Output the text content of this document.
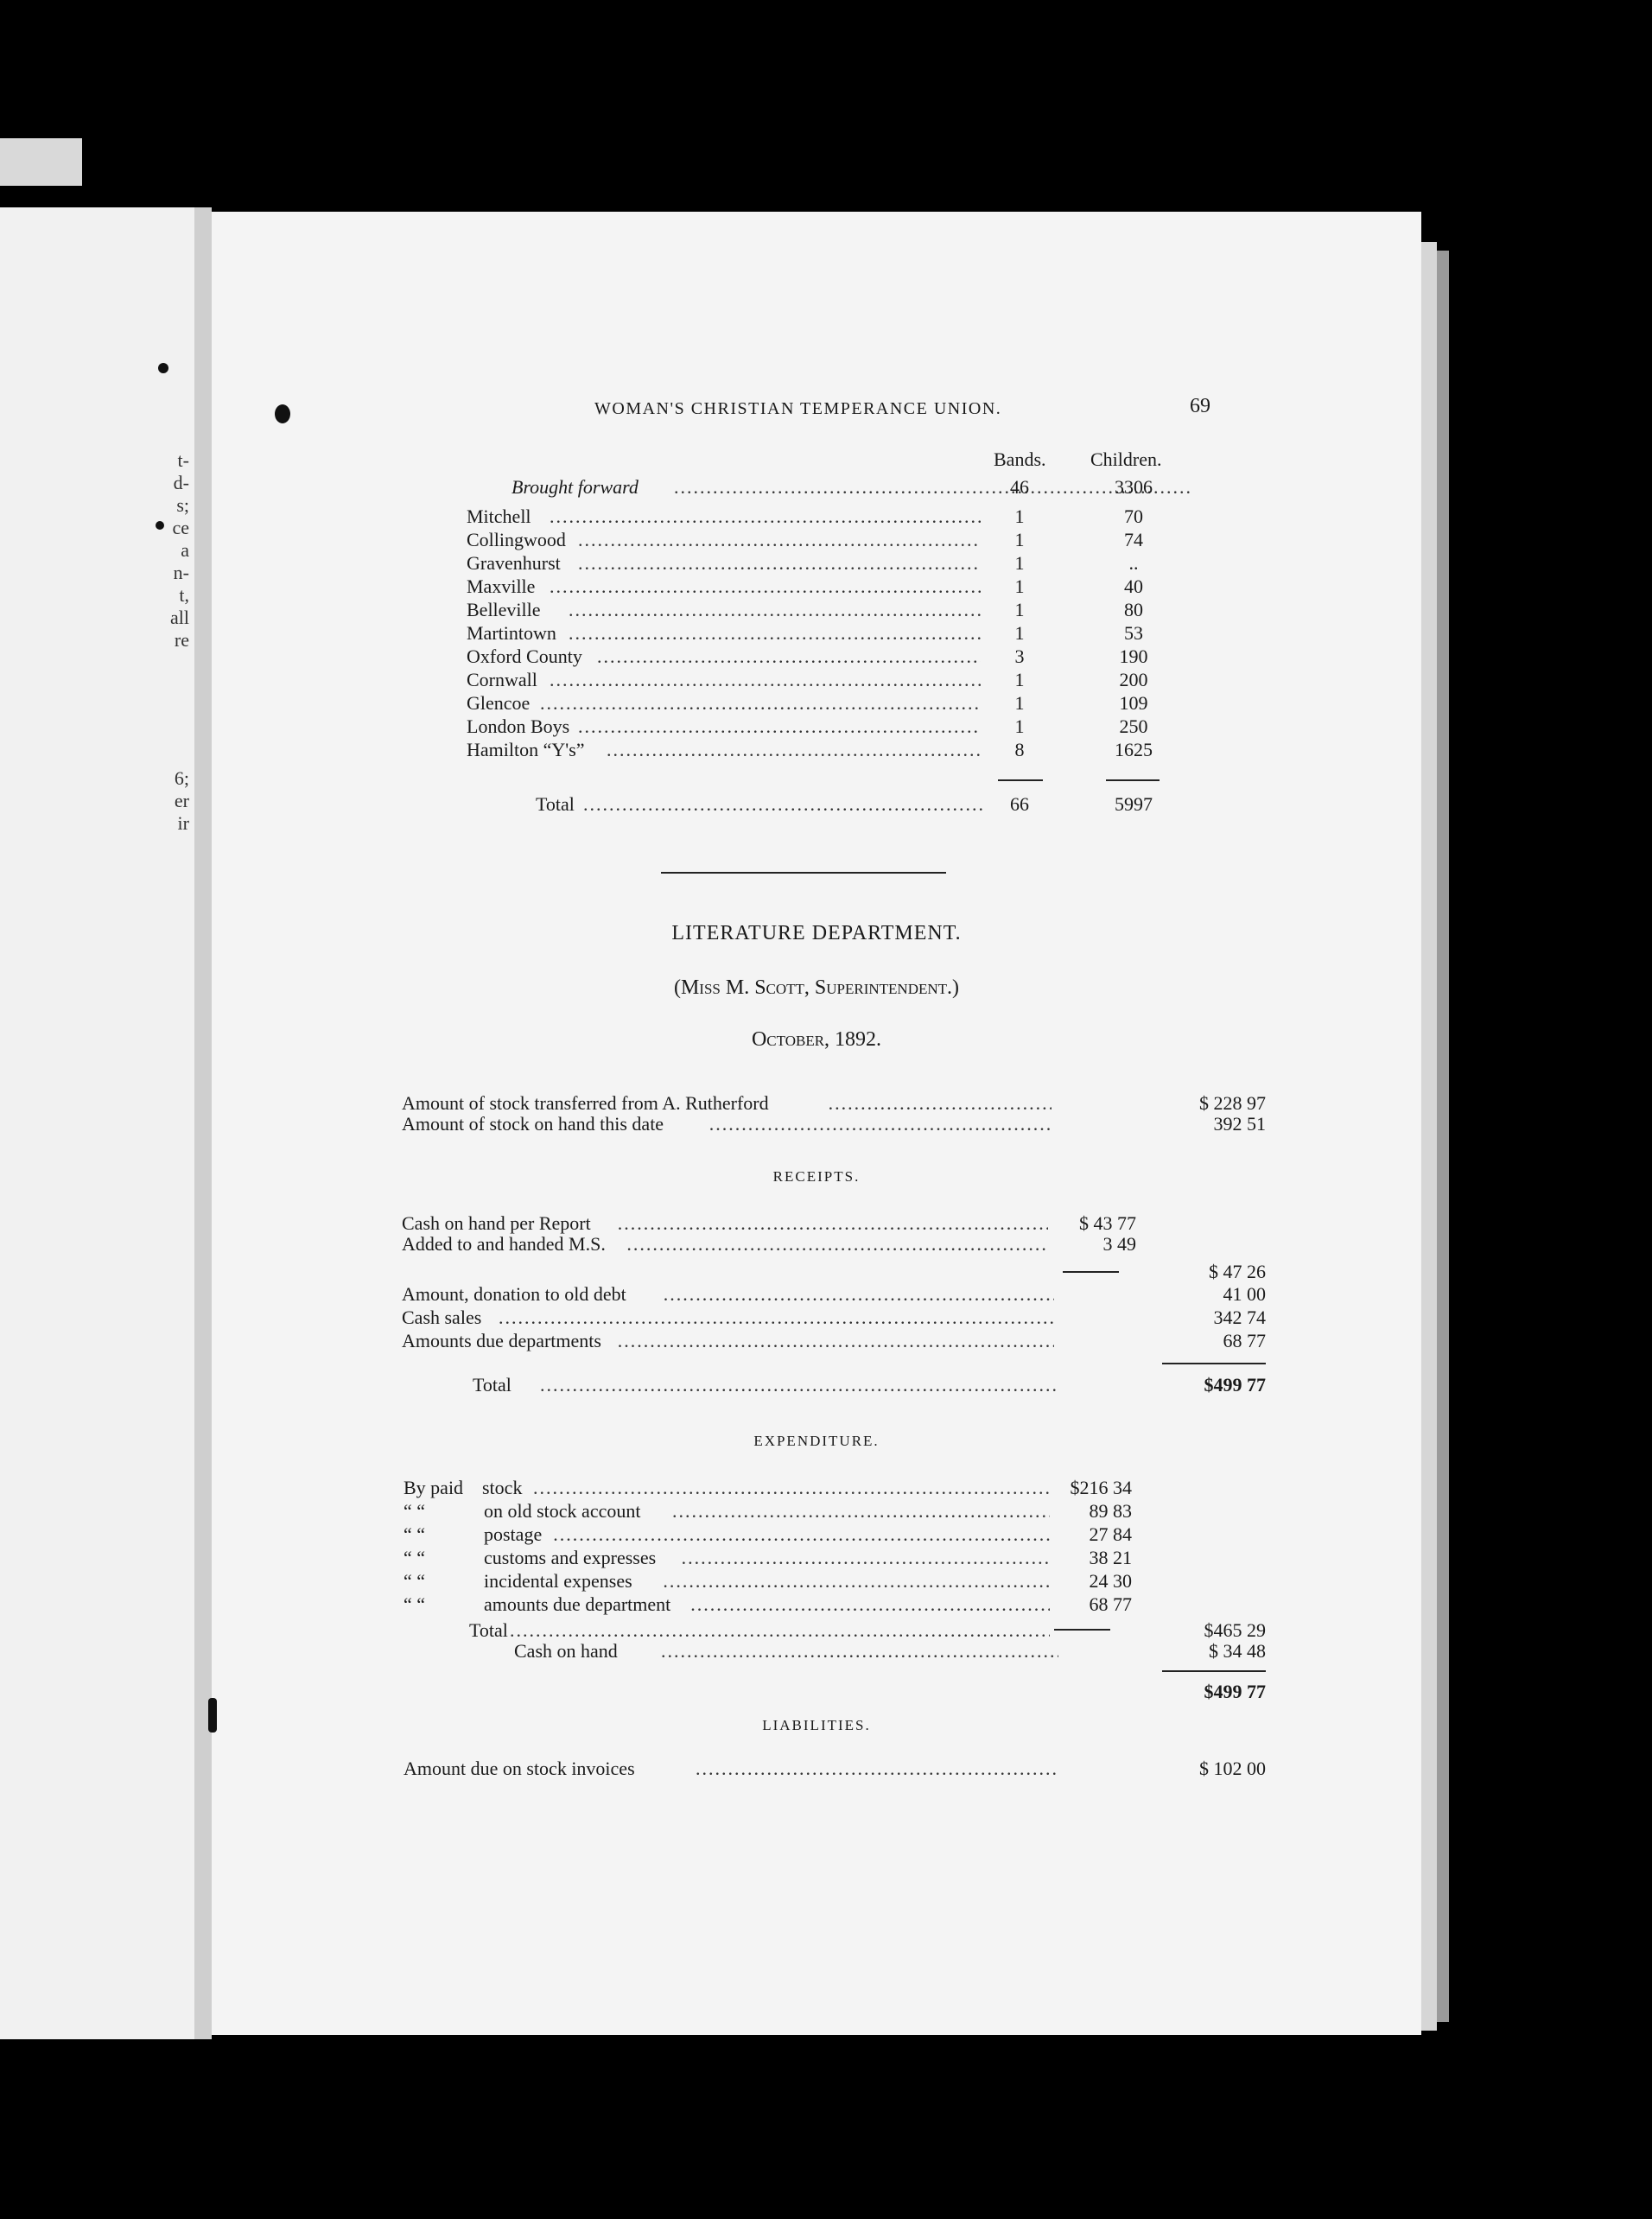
t-
d-
s;
ce
a
n-
t,
all
re
6;
er
ir
WOMAN'S CHRISTIAN TEMPERANCE UNION.	69
Bands. Children.
Brought forward .....	46	3306
Mitchell .....	1	70
Collingwood .....	1	74
Gravenhurst .....	1	..
Maxville .....	1	40
Belleville .....	1	80
Martintown .....	1	53
Oxford County .....	3	190
Cornwall .....	1	200
Glencoe .....	1	109
London Boys .....	1	250
Hamilton “Y's” .....	8	1625
Total .....	66	5997
LITERATURE DEPARTMENT.
(Miss M. Scott, Superintendent.)
October, 1892.
Amount of stock transferred from A. Rutherford .....	$ 228 97
Amount of stock on hand this date .....	392 51
RECEIPTS.
Cash on hand per Report .....	$ 43 77
Added to and handed M.S. .....	3 49
$ 47 26
Amount, donation to old debt .....	41 00
Cash sales .....	342 74
Amounts due departments .....	68 77
Total .....	$499 77
EXPENDITURE.
By paid stock .....	$216 34
“ “	on old stock account .....	89 83
“ “	postage .....	27 84
“ “	customs and expresses .....	38 21
“ “	incidental expenses .....	24 30
“ “	amounts due department .....	68 77
Total .....	$465 29
Cash on hand .....	$ 34 48
$499 77
LIABILITIES.
Amount due on stock invoices .....	$ 102 00
